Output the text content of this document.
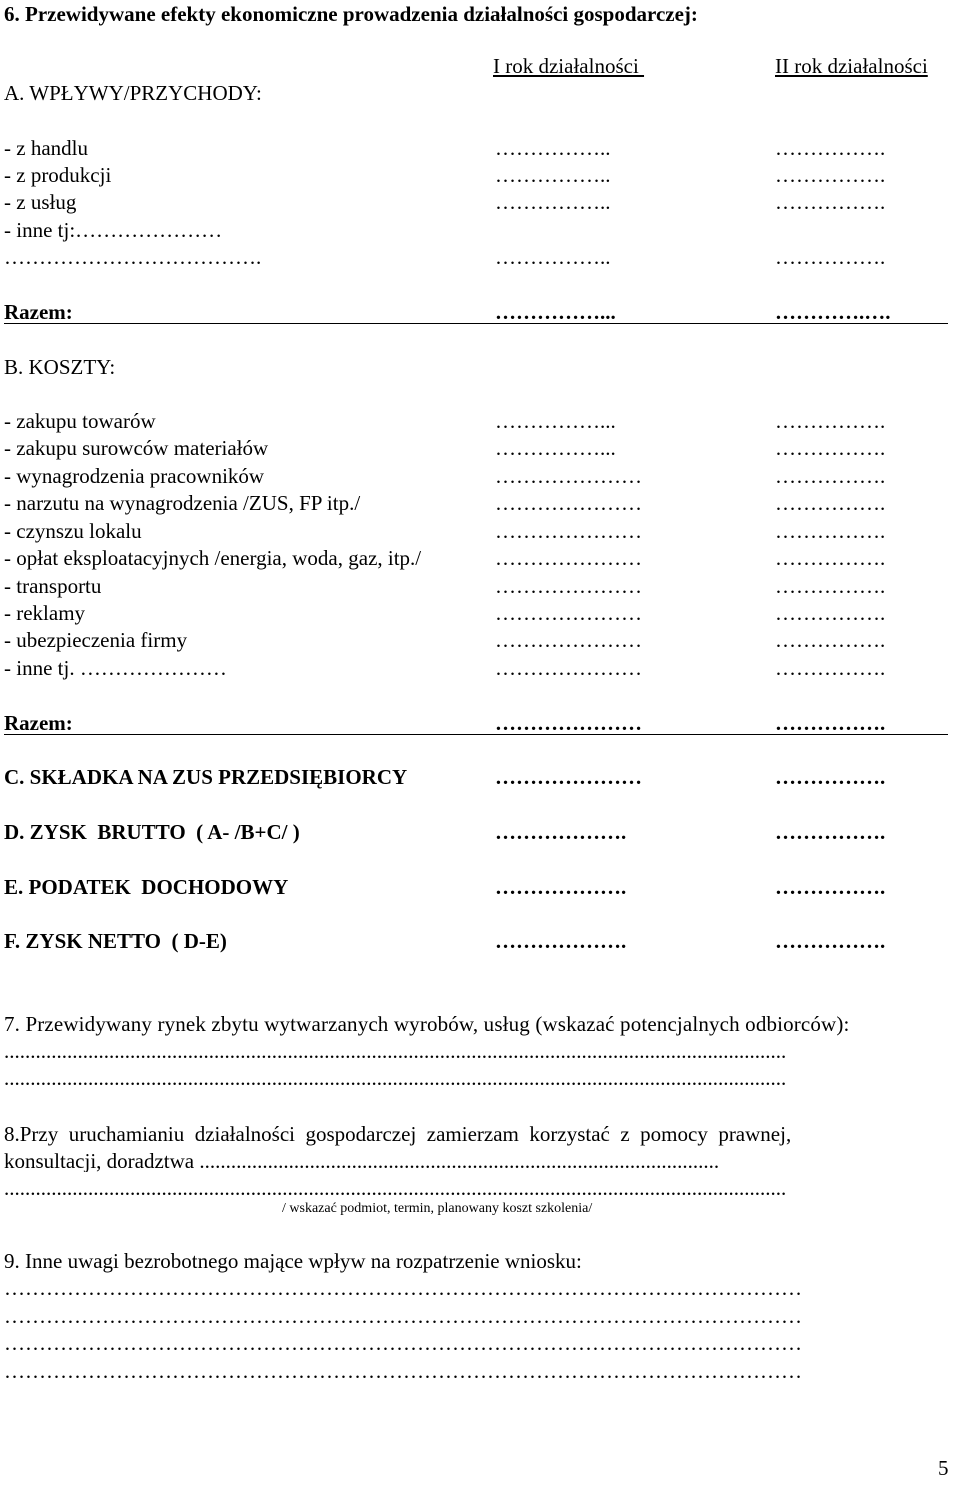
6. Przewidywane efekty ekonomiczne prowadzenia działalności gospodarczej:
I rok działalności	II rok działalności
A. WPŁYWY/PRZYCHODY:
- z handlu	……………..	…………….
- z produkcji	……………..	…………….
- z usług	……………..	…………….
- inne tj:…………………
……………………………….	……………..	…………….
Razem:	……………...	………….….
B. KOSZTY:
- zakupu towarów	……………...	…………….
- zakupu surowców materiałów	……………...	…………….
- wynagrodzenia pracowników	…………………	…………….
- narzutu na wynagrodzenia /ZUS, FP itp./	…………………	…………….
- czynszu lokalu	…………………	…………….
- opłat eksploatacyjnych /energia, woda, gaz, itp./	…………………	…………….
- transportu	…………………	…………….
- reklamy	…………………	…………….
- ubezpieczenia firmy	…………………	…………….
- inne tj. …………………	…………………	…………….
Razem:	…………………	…………….
C. SKŁADKA NA ZUS PRZEDSIĘBIORCY	…………………	…………….
D. ZYSK  BRUTTO  ( A- /B+C/ )	……………….	…………….
E. PODATEK  DOCHODOWY	……………….	…………….
F. ZYSK NETTO  ( D-E)	……………….	…………….
7. Przewidywany rynek zbytu wytwarzanych wyrobów, usług (wskazać potencjalnych odbiorców):
.....................................................................................................................................................
.....................................................................................................................................................
8.Przy  uruchamianiu  działalności  gospodarczej  zamierzam  korzystać  z  pomocy  prawnej,
konsultacji, doradztwa ...................................................................................................
.....................................................................................................................................................
/ wskazać podmiot, termin, planowany koszt szkolenia/
9. Inne uwagi bezrobotnego mające wpływ na rozpatrzenie wniosku:
……………………………………………………………………………………………………
……………………………………………………………………………………………………
……………………………………………………………………………………………………
……………………………………………………………………………………………………
5
